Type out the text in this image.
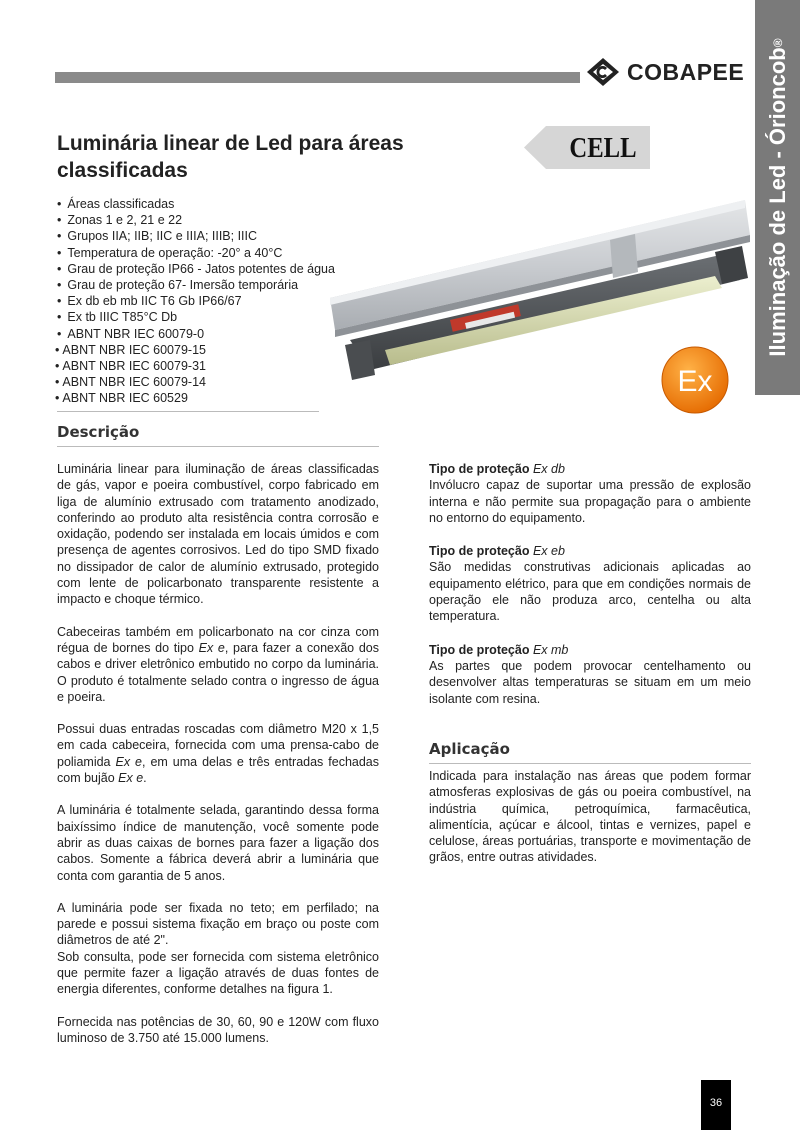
COBAPEE Iluminação de Led - Órioncob
®
CELL
Luminária linear de Led para áreas classificadas
• Áreas classificadas
• Zonas 1 e 2, 21 e 22
• Grupos IIA; IIB; IIC e IIIA; IIIB; IIIC
• Temperatura de operação: -20° a 40°C
• Grau de proteção IP66 - Jatos potentes de água
• Grau de proteção 67- Imersão temporária
• Ex db eb mb IIC T6 Gb IP66/67
• Ex tb IIIC T85°C Db
• ABNT NBR IEC 60079-0
• ABNT NBR IEC 60079-15
• ABNT NBR IEC 60079-31
• ABNT NBR IEC 60079-14
• ABNT NBR IEC 60529
Ex
Descrição

Luminária linear para iluminação de áreas classificadas de gás, vapor e poeira combustível, corpo fabricado em liga de alumínio extrusado com tratamento anodizado, conferindo ao produto alta resistência contra corrosão e oxidação, podendo ser instalada em locais úmidos e com presença de agentes corrosivos. Led do tipo SMD fixado no dissipador de calor de alumínio extrusado, protegido com lente de policarbonato transparente resistente a impacto e choque térmico.

Cabeceiras também em policarbonato na cor cinza com régua de bornes do tipo Ex e, para fazer a conexão dos cabos e driver eletrônico embutido no corpo da luminária. O produto é totalmente selado contra o ingresso de água e poeira.

Possui duas entradas roscadas com diâmetro M20 x 1,5 em cada cabeceira, fornecida com uma prensa-cabo de poliamida Ex e, em uma delas e três entradas fechadas com bujão Ex e.

A luminária é totalmente selada, garantindo dessa forma baixíssimo índice de manutenção, você somente pode abrir as duas caixas de bornes para fazer a ligação dos cabos. Somente a fábrica deverá abrir a luminária que conta com garantia de 5 anos.

A luminária pode ser fixada no teto; em perfilado; na parede e possui sistema fixação em braço ou poste com diâmetros de até 2".

Sob consulta, pode ser fornecida com sistema eletrônico que permite fazer a ligação através de duas fontes de energia diferentes, conforme detalhes na figura 1.

Fornecida nas potências de 30, 60, 90 e 120W com fluxo luminoso de 3.750 até 15.000 lumens.

Tipo de proteção Ex db
Invólucro capaz de suportar uma pressão de explosão interna e não permite sua propagação para o ambiente no entorno do equipamento.
Tipo de proteção Ex eb
São medidas construtivas adicionais aplicadas ao equipamento elétrico, para que em condições normais de operação ele não produza arco, centelha ou alta temperatura.
Tipo de proteção Ex mb
As partes que podem provocar centelhamento ou desenvolver altas temperaturas se situam em um meio isolante com resina.
Aplicação

Indicada para instalação nas áreas que podem formar atmosferas explosivas de gás ou poeira combustível, na indústria química, petroquímica, farmacêutica, alimentícia, açúcar e álcool, tintas e vernizes, papel e celulose, áreas portuárias, transporte e movimentação de grãos, entre outras atividades.

36
